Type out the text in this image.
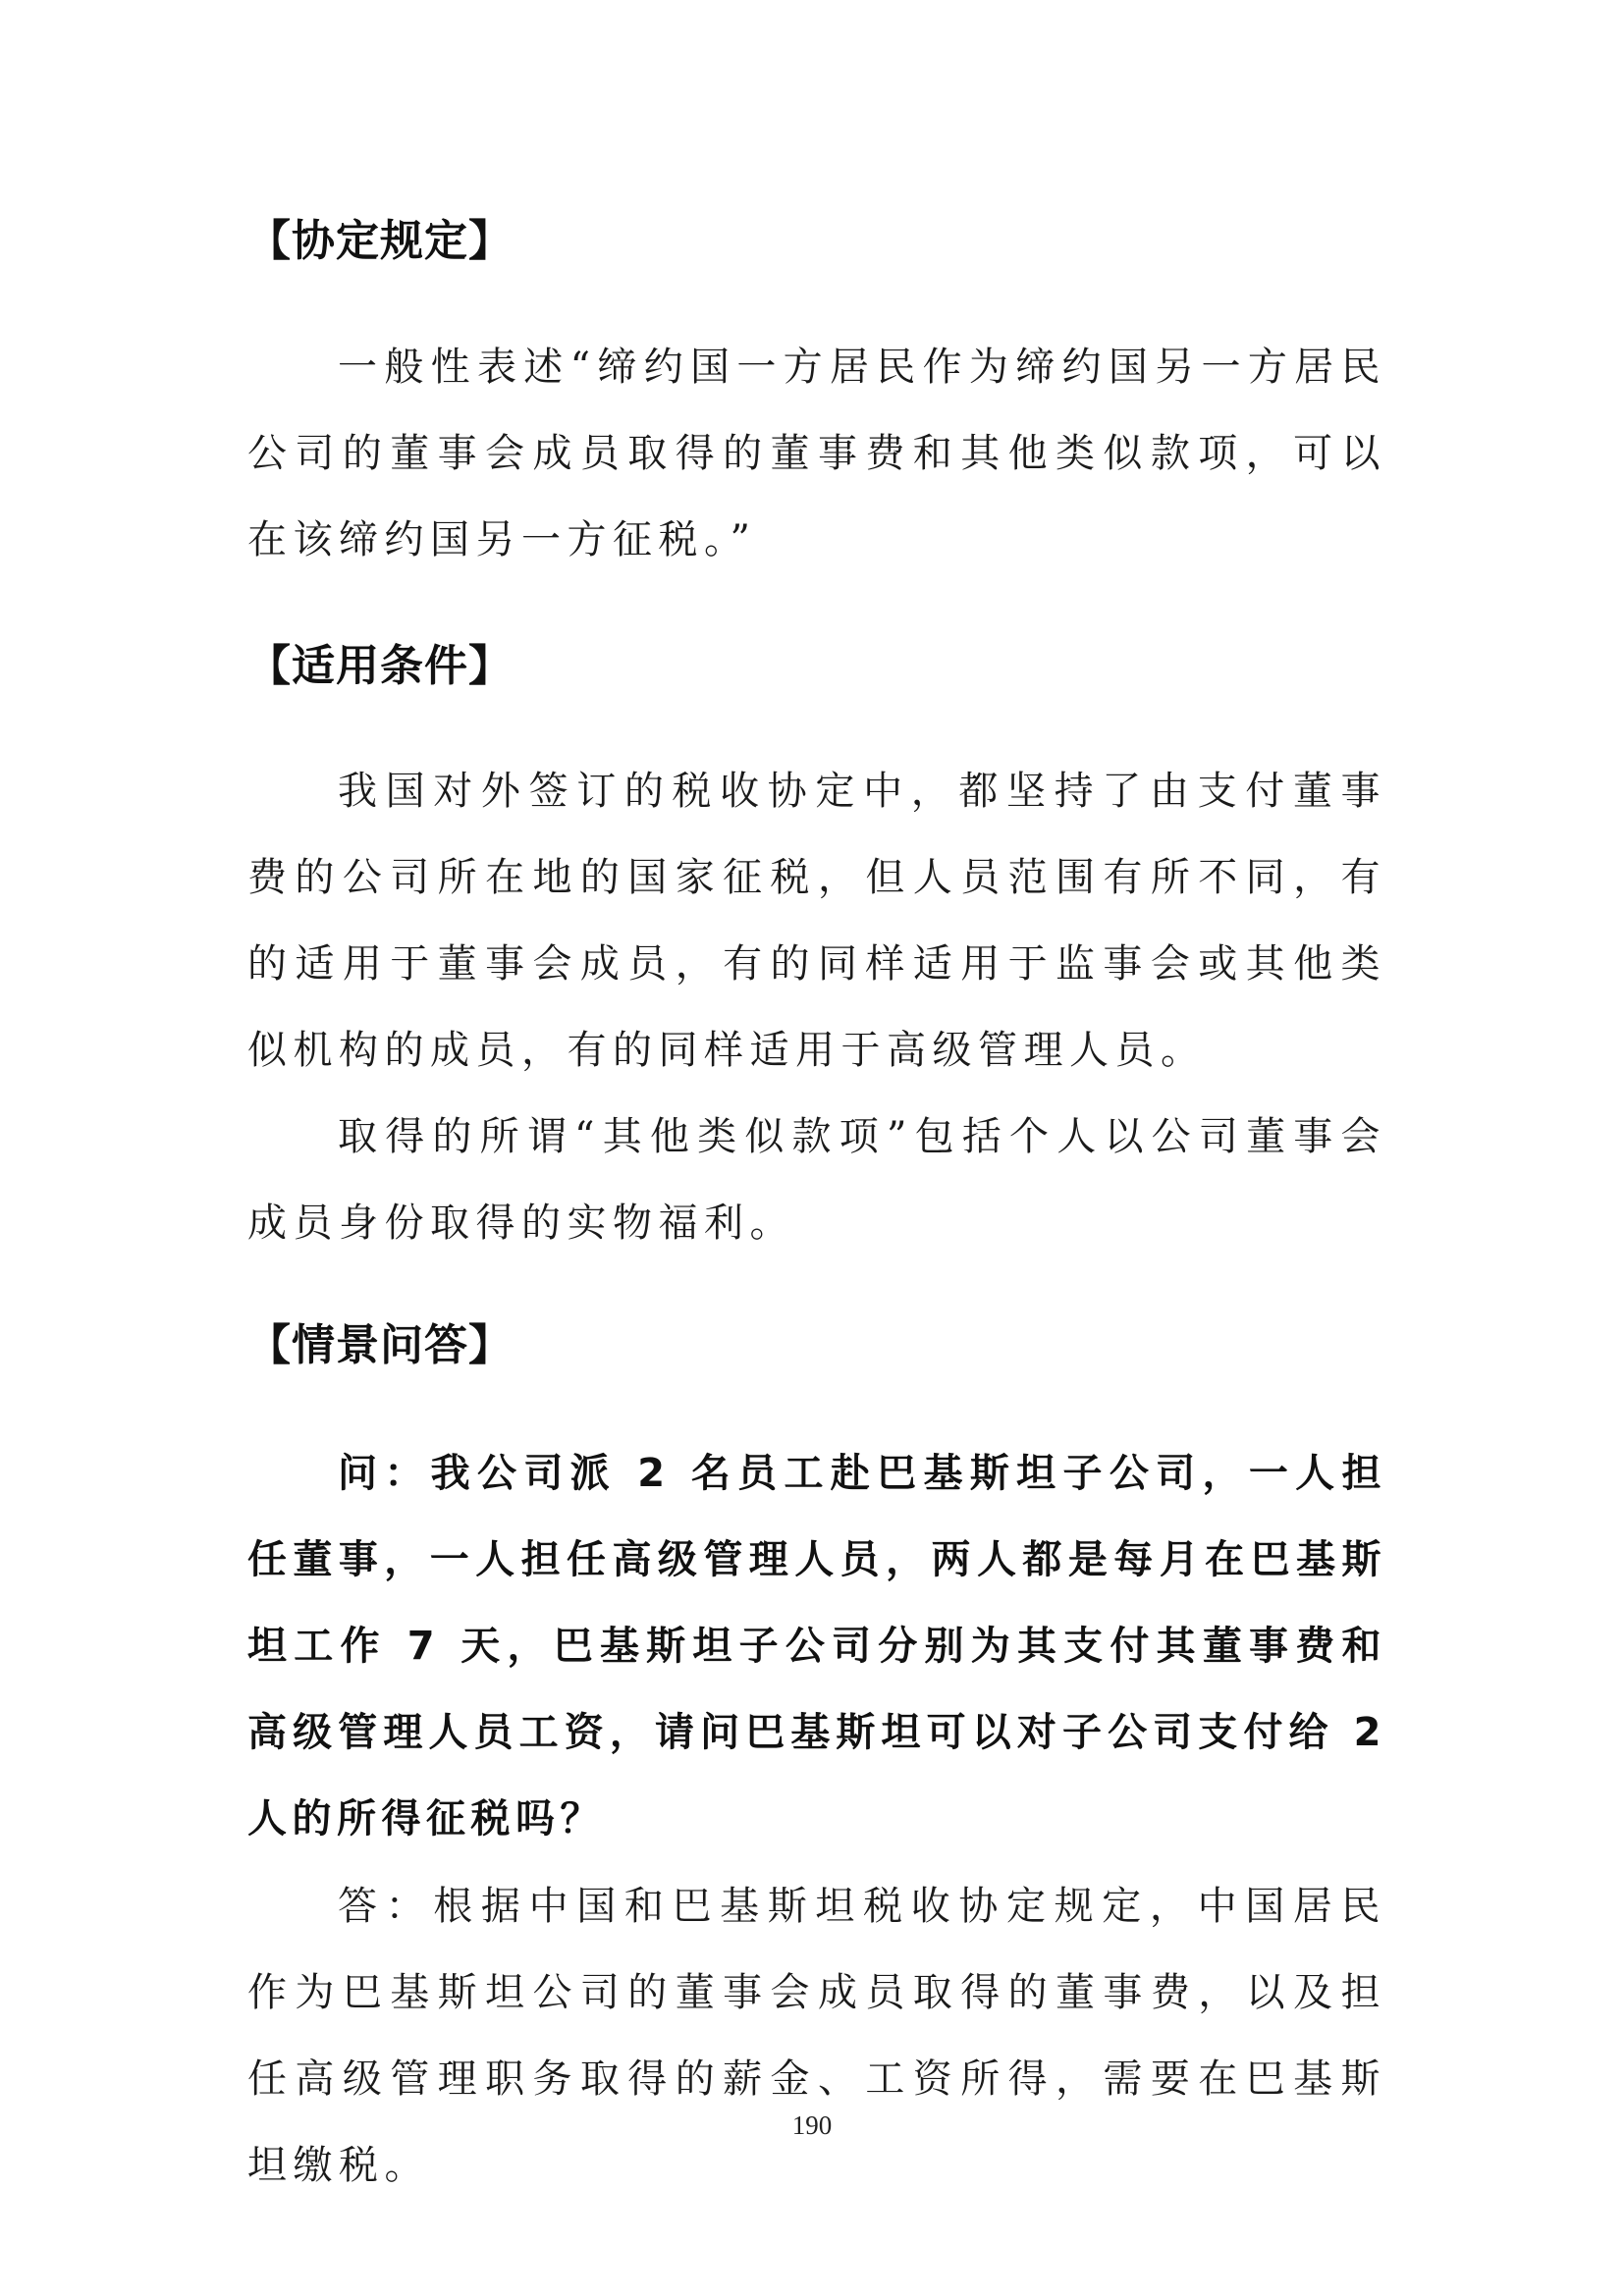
【协定规定】

一般性表述“缔约国一方居民作为缔约国另一方居民公司的董事会成员取得的董事费和其他类似款项，可以在该缔约国另一方征税。”

【适用条件】

我国对外签订的税收协定中，都坚持了由支付董事费的公司所在地的国家征税，但人员范围有所不同，有的适用于董事会成员，有的同样适用于监事会或其他类似机构的成员，有的同样适用于高级管理人员。

取得的所谓“其他类似款项”包括个人以公司董事会成员身份取得的实物福利。

【情景问答】

问：我公司派 2 名员工赴巴基斯坦子公司，一人担任董事，一人担任高级管理人员，两人都是每月在巴基斯坦工作 7 天，巴基斯坦子公司分别为其支付其董事费和高级管理人员工资，请问巴基斯坦可以对子公司支付给 2 人的所得征税吗？

答：根据中国和巴基斯坦税收协定规定，中国居民作为巴基斯坦公司的董事会成员取得的董事费，以及担任高级管理职务取得的薪金、工资所得，需要在巴基斯坦缴税。

190
